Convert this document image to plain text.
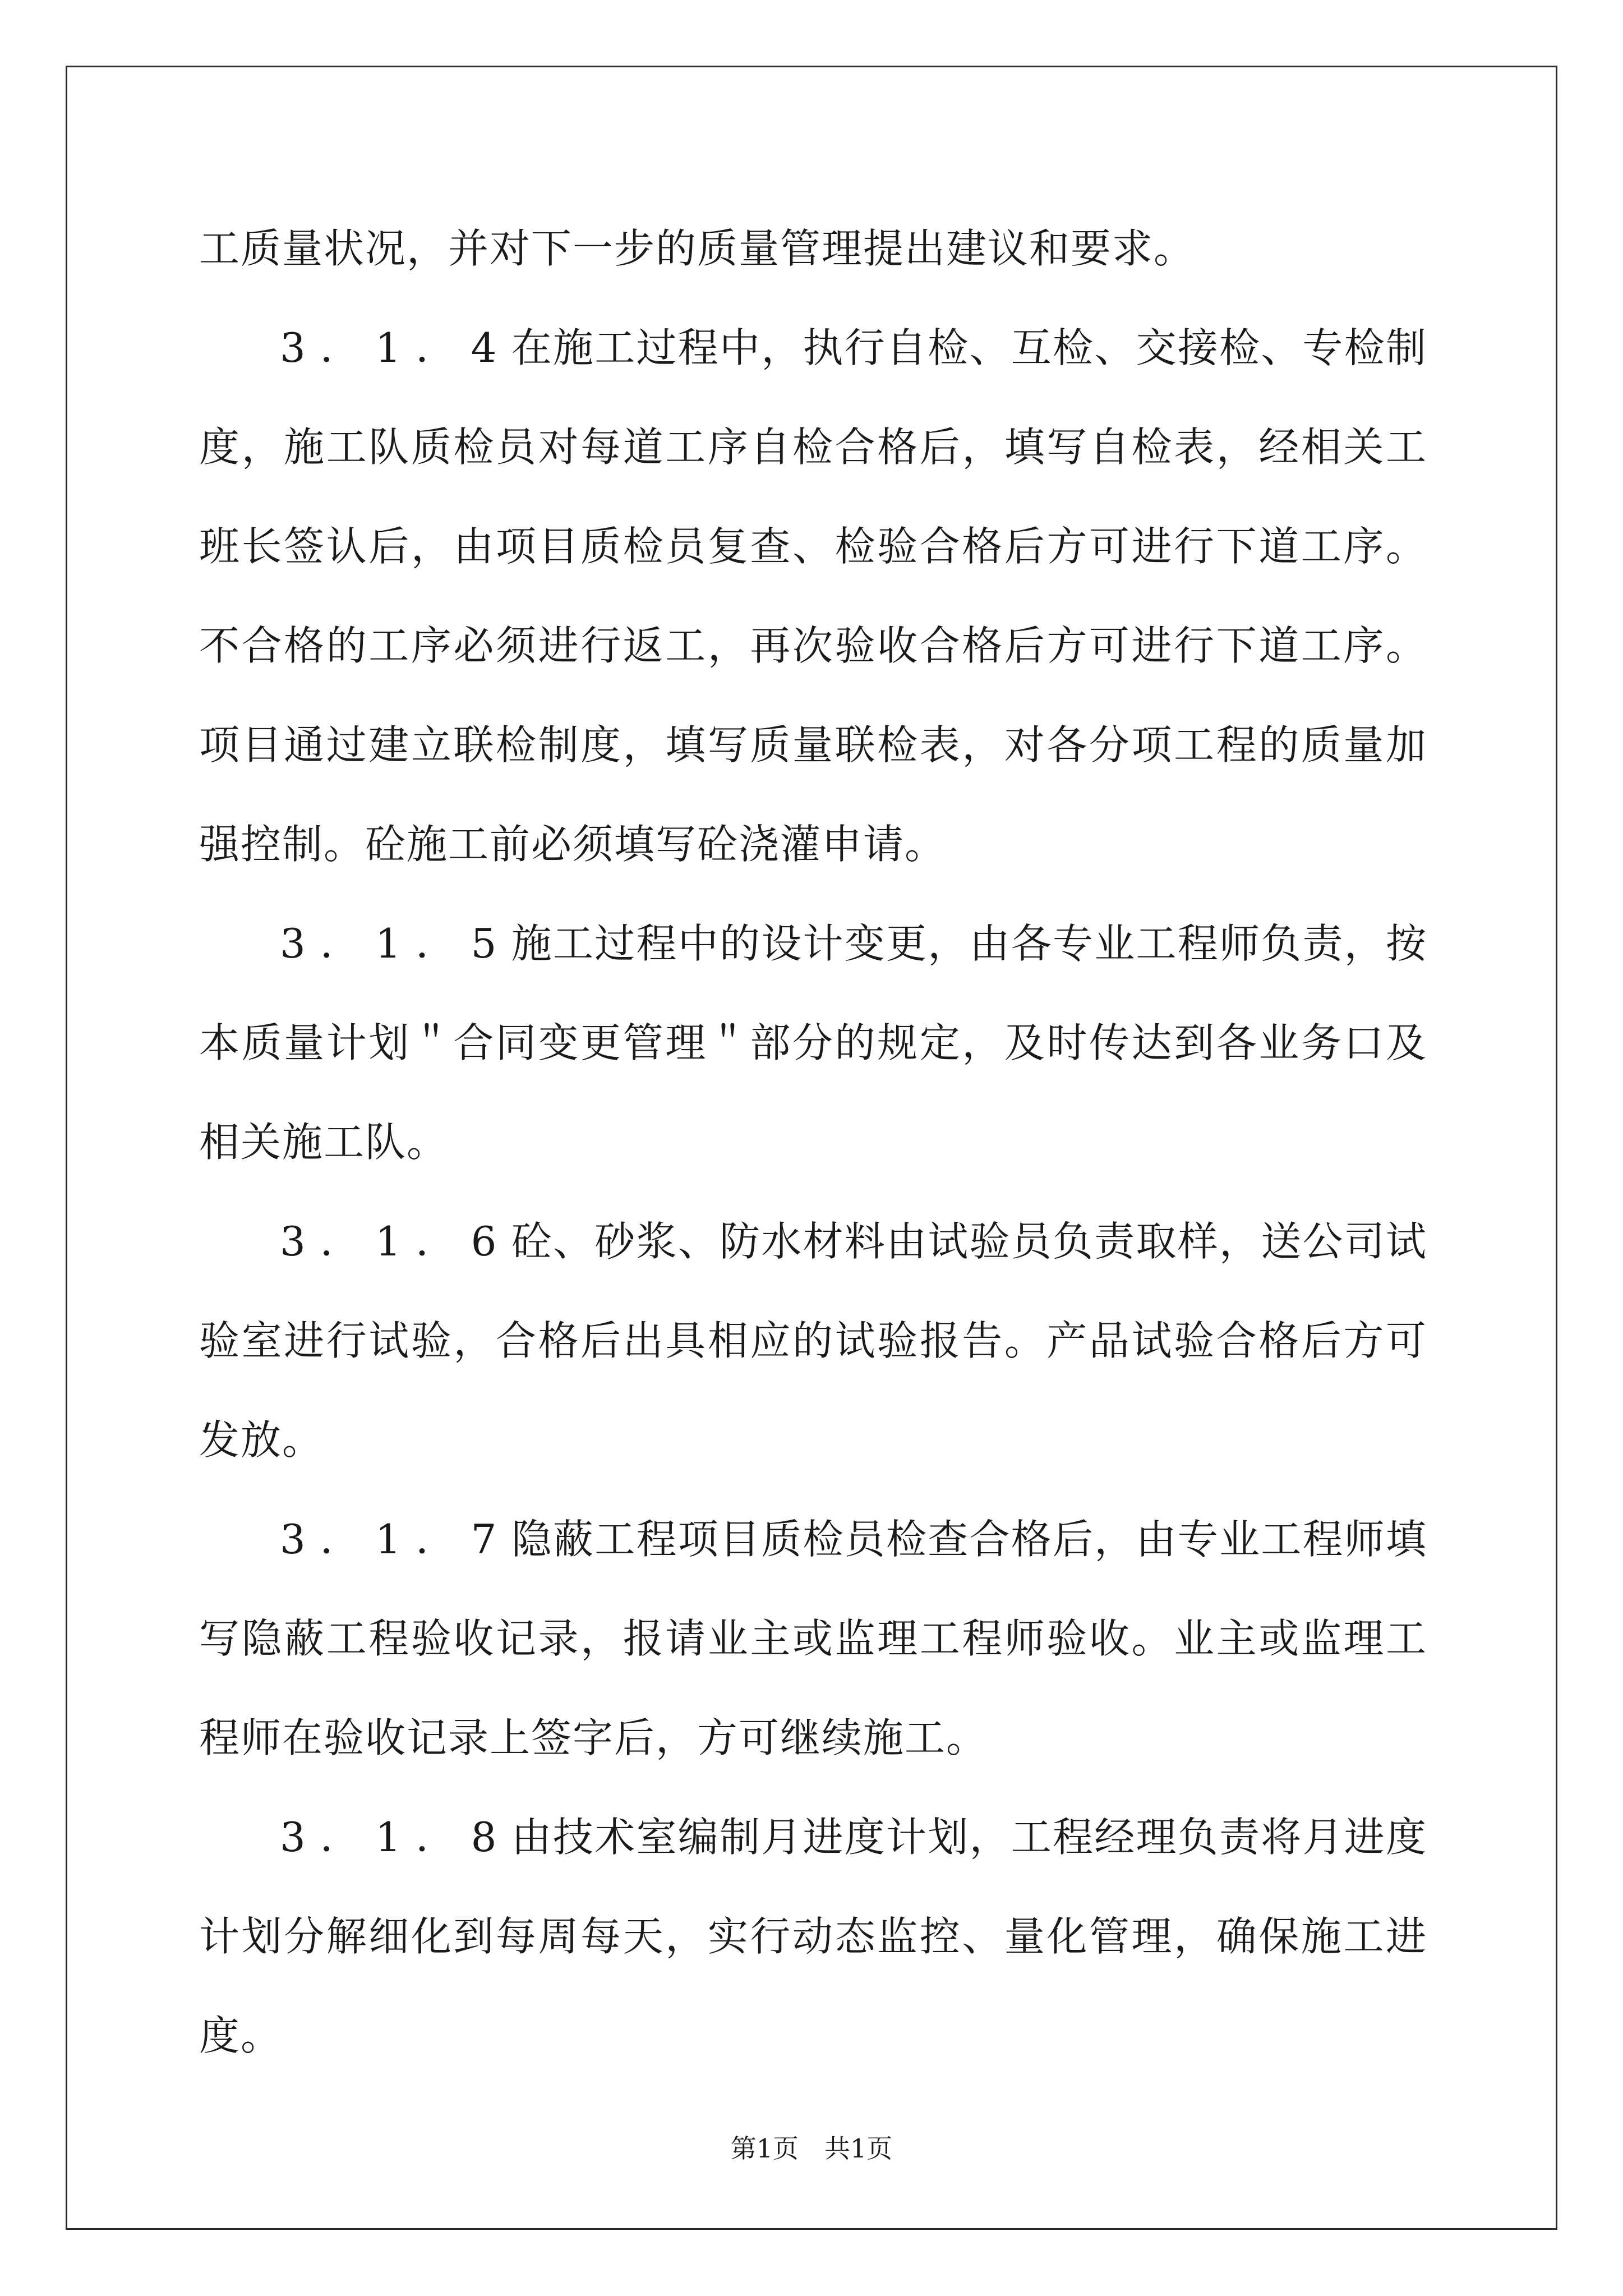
工质量状况，并对下一步的质量管理提出建议和要求。

3．1．4在施工过程中，执行自检、互检、交接检、专检制度，施工队质检员对每道工序自检合格后，填写自检表，经相关工班长签认后，由项目质检员复查、检验合格后方可进行下道工序。不合格的工序必须进行返工，再次验收合格后方可进行下道工序。项目通过建立联检制度，填写质量联检表，对各分项工程的质量加强控制。砼施工前必须填写砼浇灌申请。

3．1．5施工过程中的设计变更，由各专业工程师负责，按本质量计划＂合同变更管理＂部分的规定，及时传达到各业务口及相关施工队。

3．1．6砼、砂浆、防水材料由试验员负责取样，送公司试验室进行试验，合格后出具相应的试验报告。产品试验合格后方可发放。

3．1．7隐蔽工程项目质检员检查合格后，由专业工程师填写隐蔽工程验收记录，报请业主或监理工程师验收。业主或监理工程师在验收记录上签字后，方可继续施工。

3．1．8由技术室编制月进度计划，工程经理负责将月进度计划分解细化到每周每天，实行动态监控、量化管理，确保施工进度。

第1页 共1页
